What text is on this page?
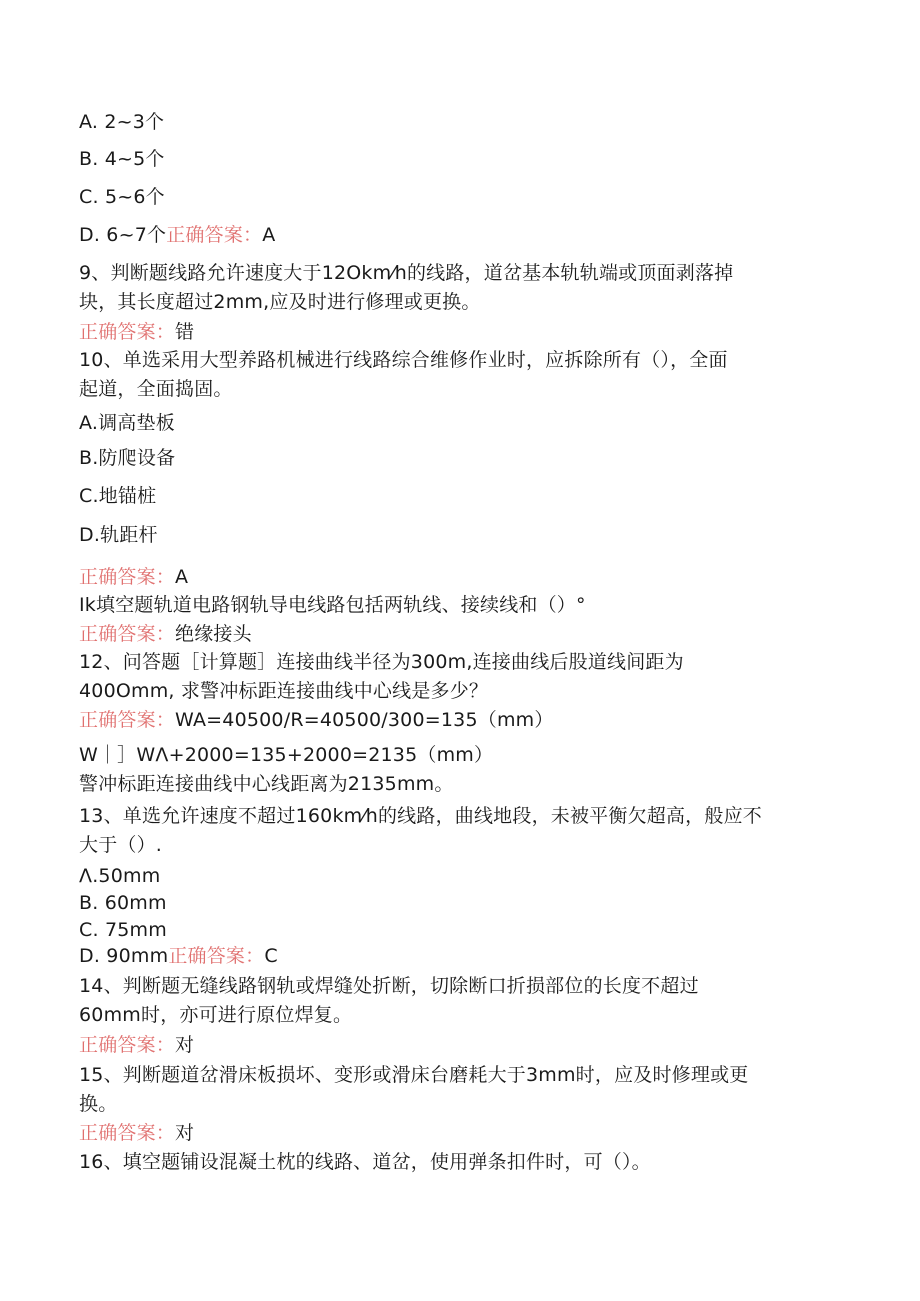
A. 2~3个
B. 4~5个
C. 5~6个
D. 6~7个正确答案：A
9、判断题线路允许速度大于12Okm⁄h的线路，道岔基本轨轨端或顶面剥落掉
块，其长度超过2mm,应及时进行修理或更换。
正确答案：错
10、单选采用大型养路机械进行线路综合维修作业时，应拆除所有（），全面
起道，全面捣固。
A.调高垫板
B.防爬设备
C.地锚桩
D.轨距杆
正确答案：A
Ik填空题轨道电路钢轨导电线路包括两轨线、接续线和（）°
正确答案：绝缘接头
12、问答题［计算题］连接曲线半径为300m,连接曲线后股道线间距为
400Omm, 求警冲标距连接曲线中心线是多少？
正确答案：WA=40500/R=40500/300=135（mm）
W｜］WΛ+2000=135+2000=2135（mm）
警冲标距连接曲线中心线距离为2135mm。
13、单选允许速度不超过160km⁄h的线路，曲线地段，未被平衡欠超高，般应不
大于（）.
Λ.50mm
B. 60mm
C. 75mm
D. 90mm正确答案：C
14、判断题无缝线路钢轨或焊缝处折断，切除断口折损部位的长度不超过
60mm时，亦可进行原位焊复。
正确答案：对
15、判断题道岔滑床板损坏、变形或滑床台磨耗大于3mm时，应及时修理或更
换。
正确答案：对
16、填空题铺设混凝土枕的线路、道岔，使用弹条扣件时，可（）。
